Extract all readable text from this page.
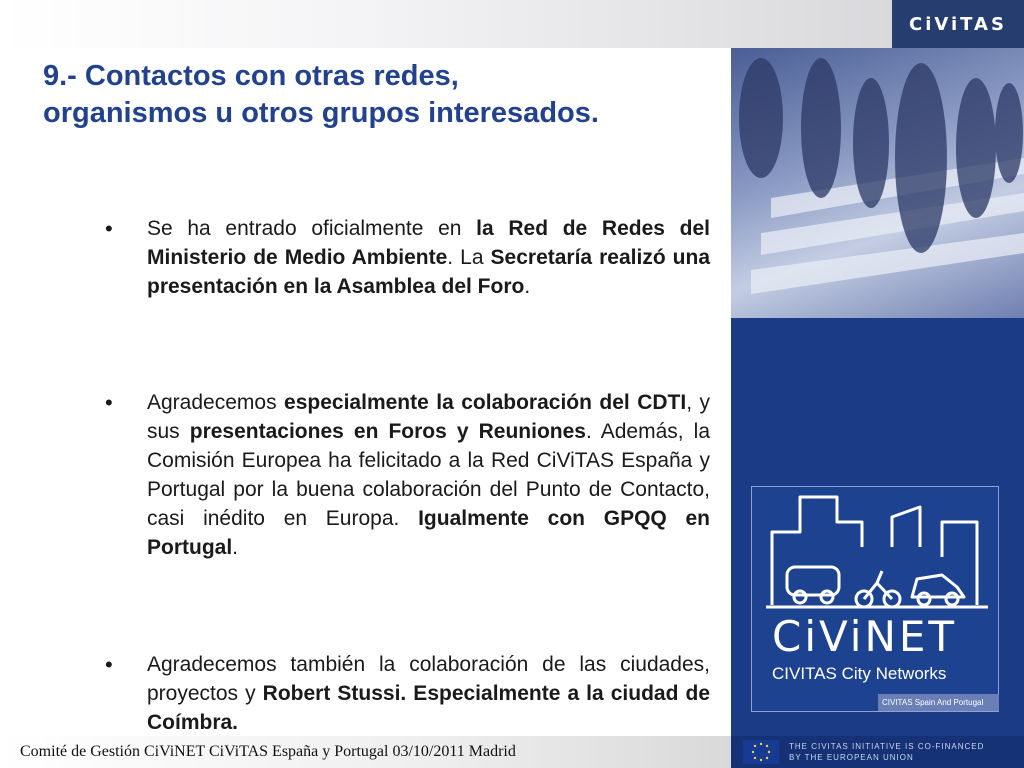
CiViTAS
9.- Contactos con otras redes, organismos u otros grupos interesados.
•	Se ha entrado oficialmente en la Red de Redes del Ministerio de Medio Ambiente. La Secretaría realizó una presentación en la Asamblea del Foro.
•	Agradecemos especialmente la colaboración del CDTI, y sus presentaciones en Foros y Reuniones. Además, la Comisión Europea ha felicitado a la Red CiViTAS España y Portugal por la buena colaboración del Punto de Contacto, casi inédito en Europa. Igualmente con GPQQ en Portugal.
•	Agradecemos también la colaboración de las ciudades, proyectos y Robert Stussi. Especialmente a la ciudad de Coímbra.
CiViNET
CIVITAS City Networks
CIVITAS Spain And Portugal
Comité de Gestión CiViNET CiViTAS España y Portugal 03/10/2011 Madrid	THE CIVITAS INITIATIVE IS CO-FINANCED
BY THE EUROPEAN UNION
